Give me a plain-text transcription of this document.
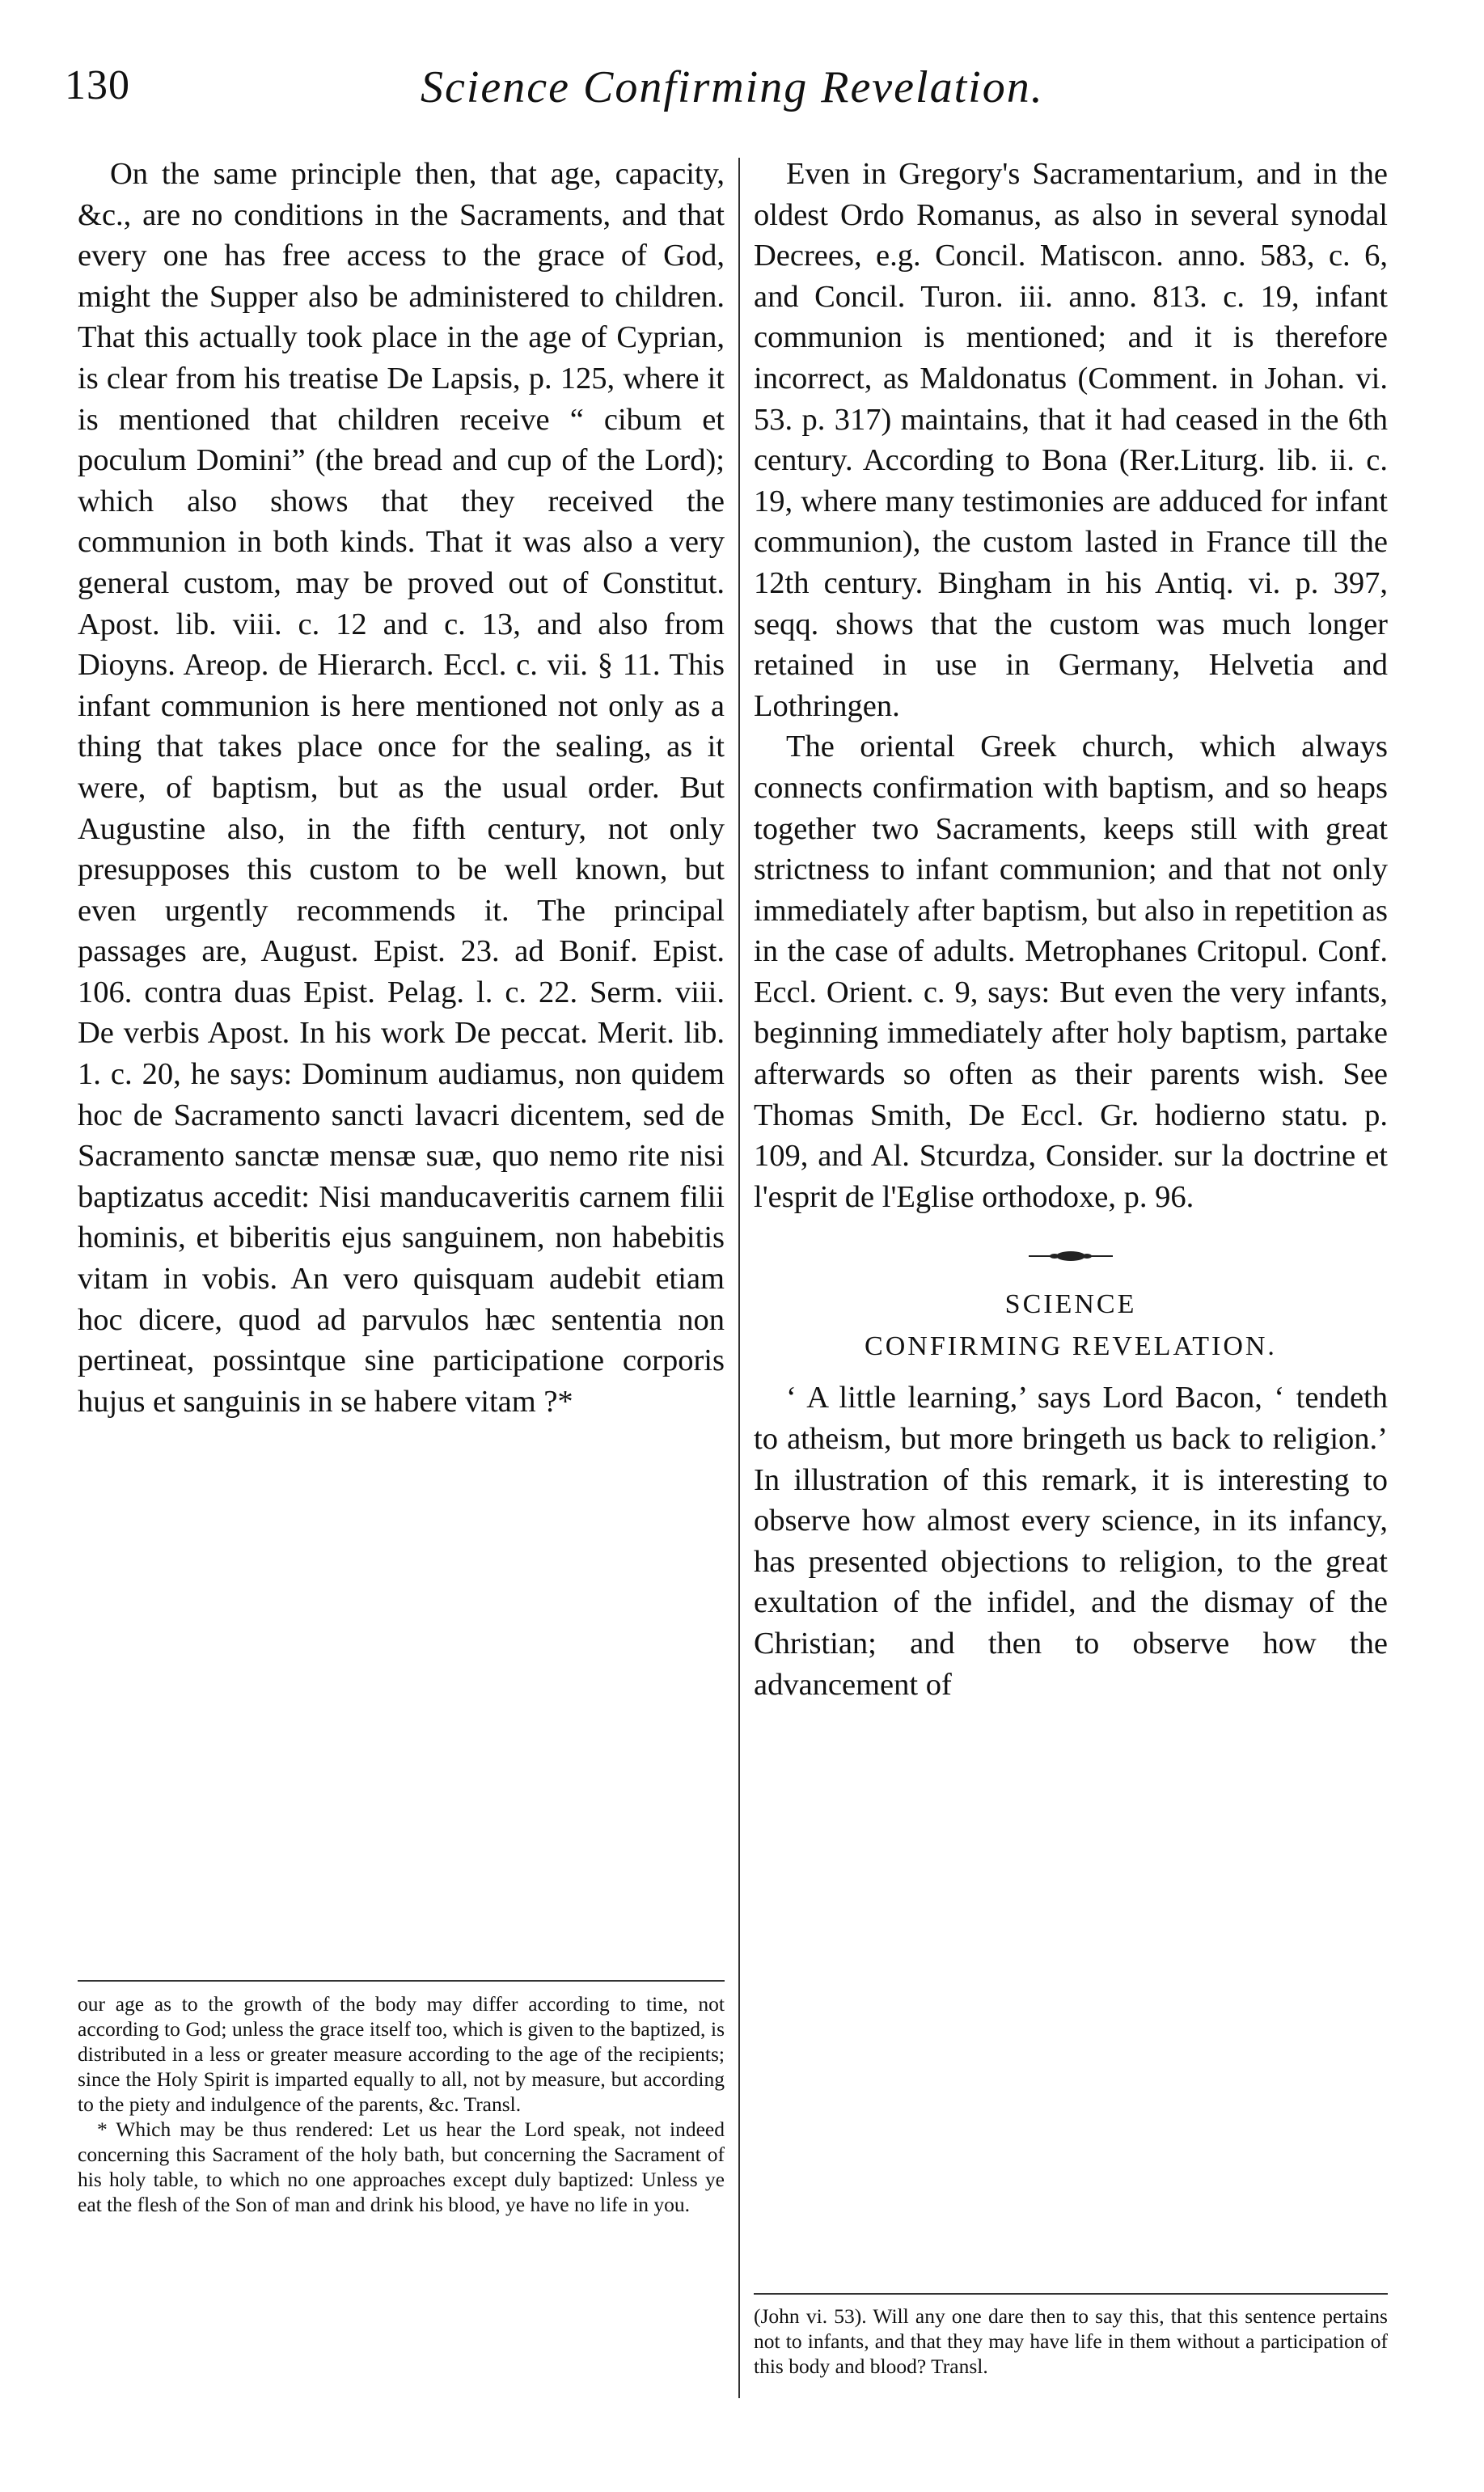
130	Science Confirming Revelation.

On the same principle then, that age, capacity, &c., are no conditions in the Sacraments, and that every one has free access to the grace of God, might the Supper also be administered to children. That this actually took place in the age of Cyprian, is clear from his treatise De Lapsis, p. 125, where it is mentioned that children receive “ cibum et poculum Domini” (the bread and cup of the Lord); which also shows that they received the communion in both kinds. That it was also a very general custom, may be proved out of Constitut. Apost. lib. viii. c. 12 and c. 13, and also from Dioyns. Areop. de Hierarch. Eccl. c. vii. § 11. This infant communion is here mentioned not only as a thing that takes place once for the sealing, as it were, of baptism, but as the usual order. But Augustine also, in the fifth century, not only presupposes this custom to be well known, but even urgently recommends it. The principal passages are, August. Epist. 23. ad Bonif. Epist. 106. contra duas Epist. Pelag. l. c. 22. Serm. viii. De verbis Apost. In his work De peccat. Merit. lib. 1. c. 20, he says: Dominum audiamus, non quidem hoc de Sacramento sancti lavacri dicentem, sed de Sacramento sanctæ mensæ suæ, quo nemo rite nisi baptizatus accedit: Nisi manducaveritis carnem filii hominis, et biberitis ejus sanguinem, non habebitis vitam in vobis. An vero quisquam audebit etiam hoc dicere, quod ad parvulos hæc sententia non pertineat, possintque sine participatione corporis hujus et sanguinis in se habere vitam ?*

Even in Gregory's Sacramentarium, and in the oldest Ordo Romanus, as also in several synodal Decrees, e.g. Concil. Matiscon. anno. 583, c. 6, and Concil. Turon. iii. anno. 813. c. 19, infant communion is mentioned; and it is therefore incorrect, as Maldonatus (Comment. in Johan. vi. 53. p. 317) maintains, that it had ceased in the 6th century. According to Bona (Rer.Liturg. lib. ii. c. 19, where many testimonies are adduced for infant communion), the custom lasted in France till the 12th century. Bingham in his Antiq. vi. p. 397, seqq. shows that the custom was much longer retained in use in Germany, Helvetia and Lothringen.

The oriental Greek church, which always connects confirmation with baptism, and so heaps together two Sacraments, keeps still with great strictness to infant communion; and that not only immediately after baptism, but also in repetition as in the case of adults. Metrophanes Critopul. Conf. Eccl. Orient. c. 9, says: But even the very infants, beginning immediately after holy baptism, partake afterwards so often as their parents wish. See Thomas Smith, De Eccl. Gr. hodierno statu. p. 109, and Al. Stcurdza, Consider. sur la doctrine et l'esprit de l'Eglise orthodoxe, p. 96.

SCIENCE

CONFIRMING REVELATION.

‘ A little learning,’ says Lord Bacon, ‘ tendeth to atheism, but more bringeth us back to religion.’ In illustration of this remark, it is interesting to observe how almost every science, in its infancy, has presented objections to religion, to the great exultation of the infidel, and the dismay of the Christian; and then to observe how the advancement of

our age as to the growth of the body may differ according to time, not according to God; unless the grace itself too, which is given to the baptized, is distributed in a less or greater measure according to the age of the recipients; since the Holy Spirit is imparted equally to all, not by measure, but according to the piety and indulgence of the parents, &c. Transl.

* Which may be thus rendered: Let us hear the Lord speak, not indeed concerning this Sacrament of the holy bath, but concerning the Sacrament of his holy table, to which no one approaches except duly baptized: Unless ye eat the flesh of the Son of man and drink his blood, ye have no life in you.

(John vi. 53). Will any one dare then to say this, that this sentence pertains not to infants, and that they may have life in them without a participation of this body and blood? Transl.
